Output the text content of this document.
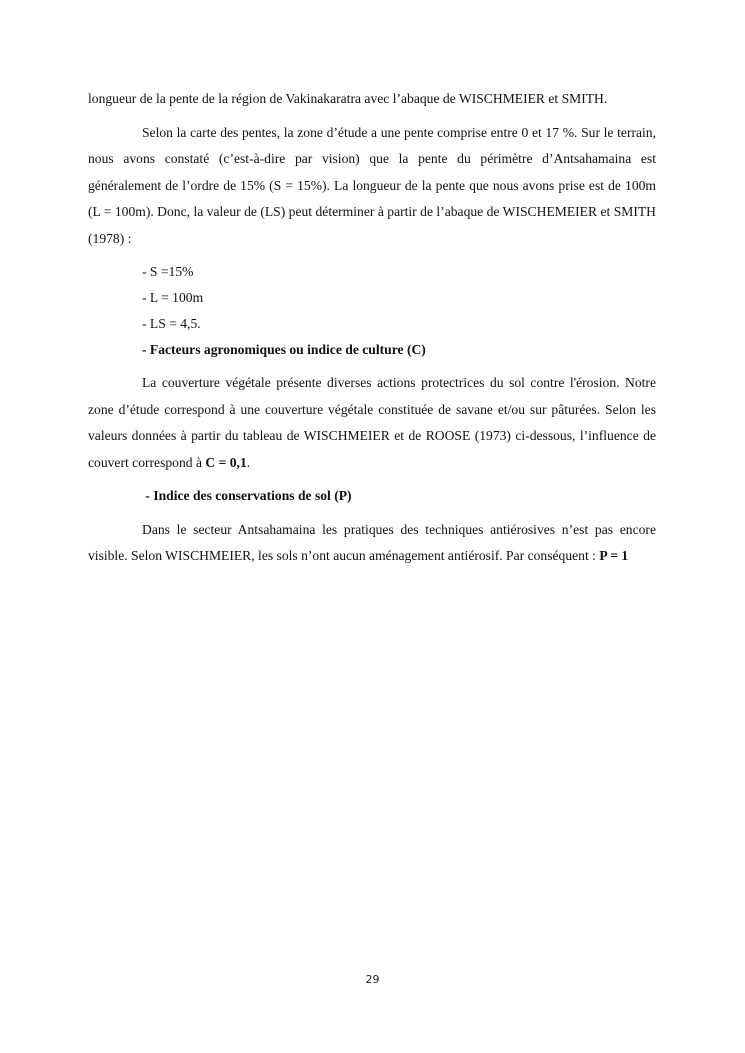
longueur de la pente de la région de Vakinakaratra avec l’abaque de WISCHMEIER et SMITH.

Selon la carte des pentes, la zone d’étude a une pente comprise entre 0 et 17 %. Sur le terrain, nous avons constaté (c’est-à-dire par vision) que la pente du périmètre d’Antsahamaina est généralement de l’ordre de 15% (S = 15%). La longueur de la pente que nous avons prise est de 100m (L = 100m). Donc, la valeur de (LS) peut déterminer à partir de l’abaque de WISCHEMEIER et SMITH (1978) :

- S =15%
- L = 100m
- LS = 4,5.
- Facteurs agronomiques ou indice de culture (C)

La couverture végétale présente diverses actions protectrices du sol contre l'érosion. Notre zone d’étude correspond à une couverture végétale constituée de savane et/ou sur pâturées. Selon les valeurs données à partir du tableau de WISCHMEIER et de ROOSE (1973) ci-dessous, l’influence de couvert correspond à C = 0,1.

- Indice des conservations de sol (P)

Dans le secteur Antsahamaina les pratiques des techniques antiérosives n’est pas encore visible. Selon WISCHMEIER, les sols n’ont aucun aménagement antiérosif. Par conséquent : P = 1

29
